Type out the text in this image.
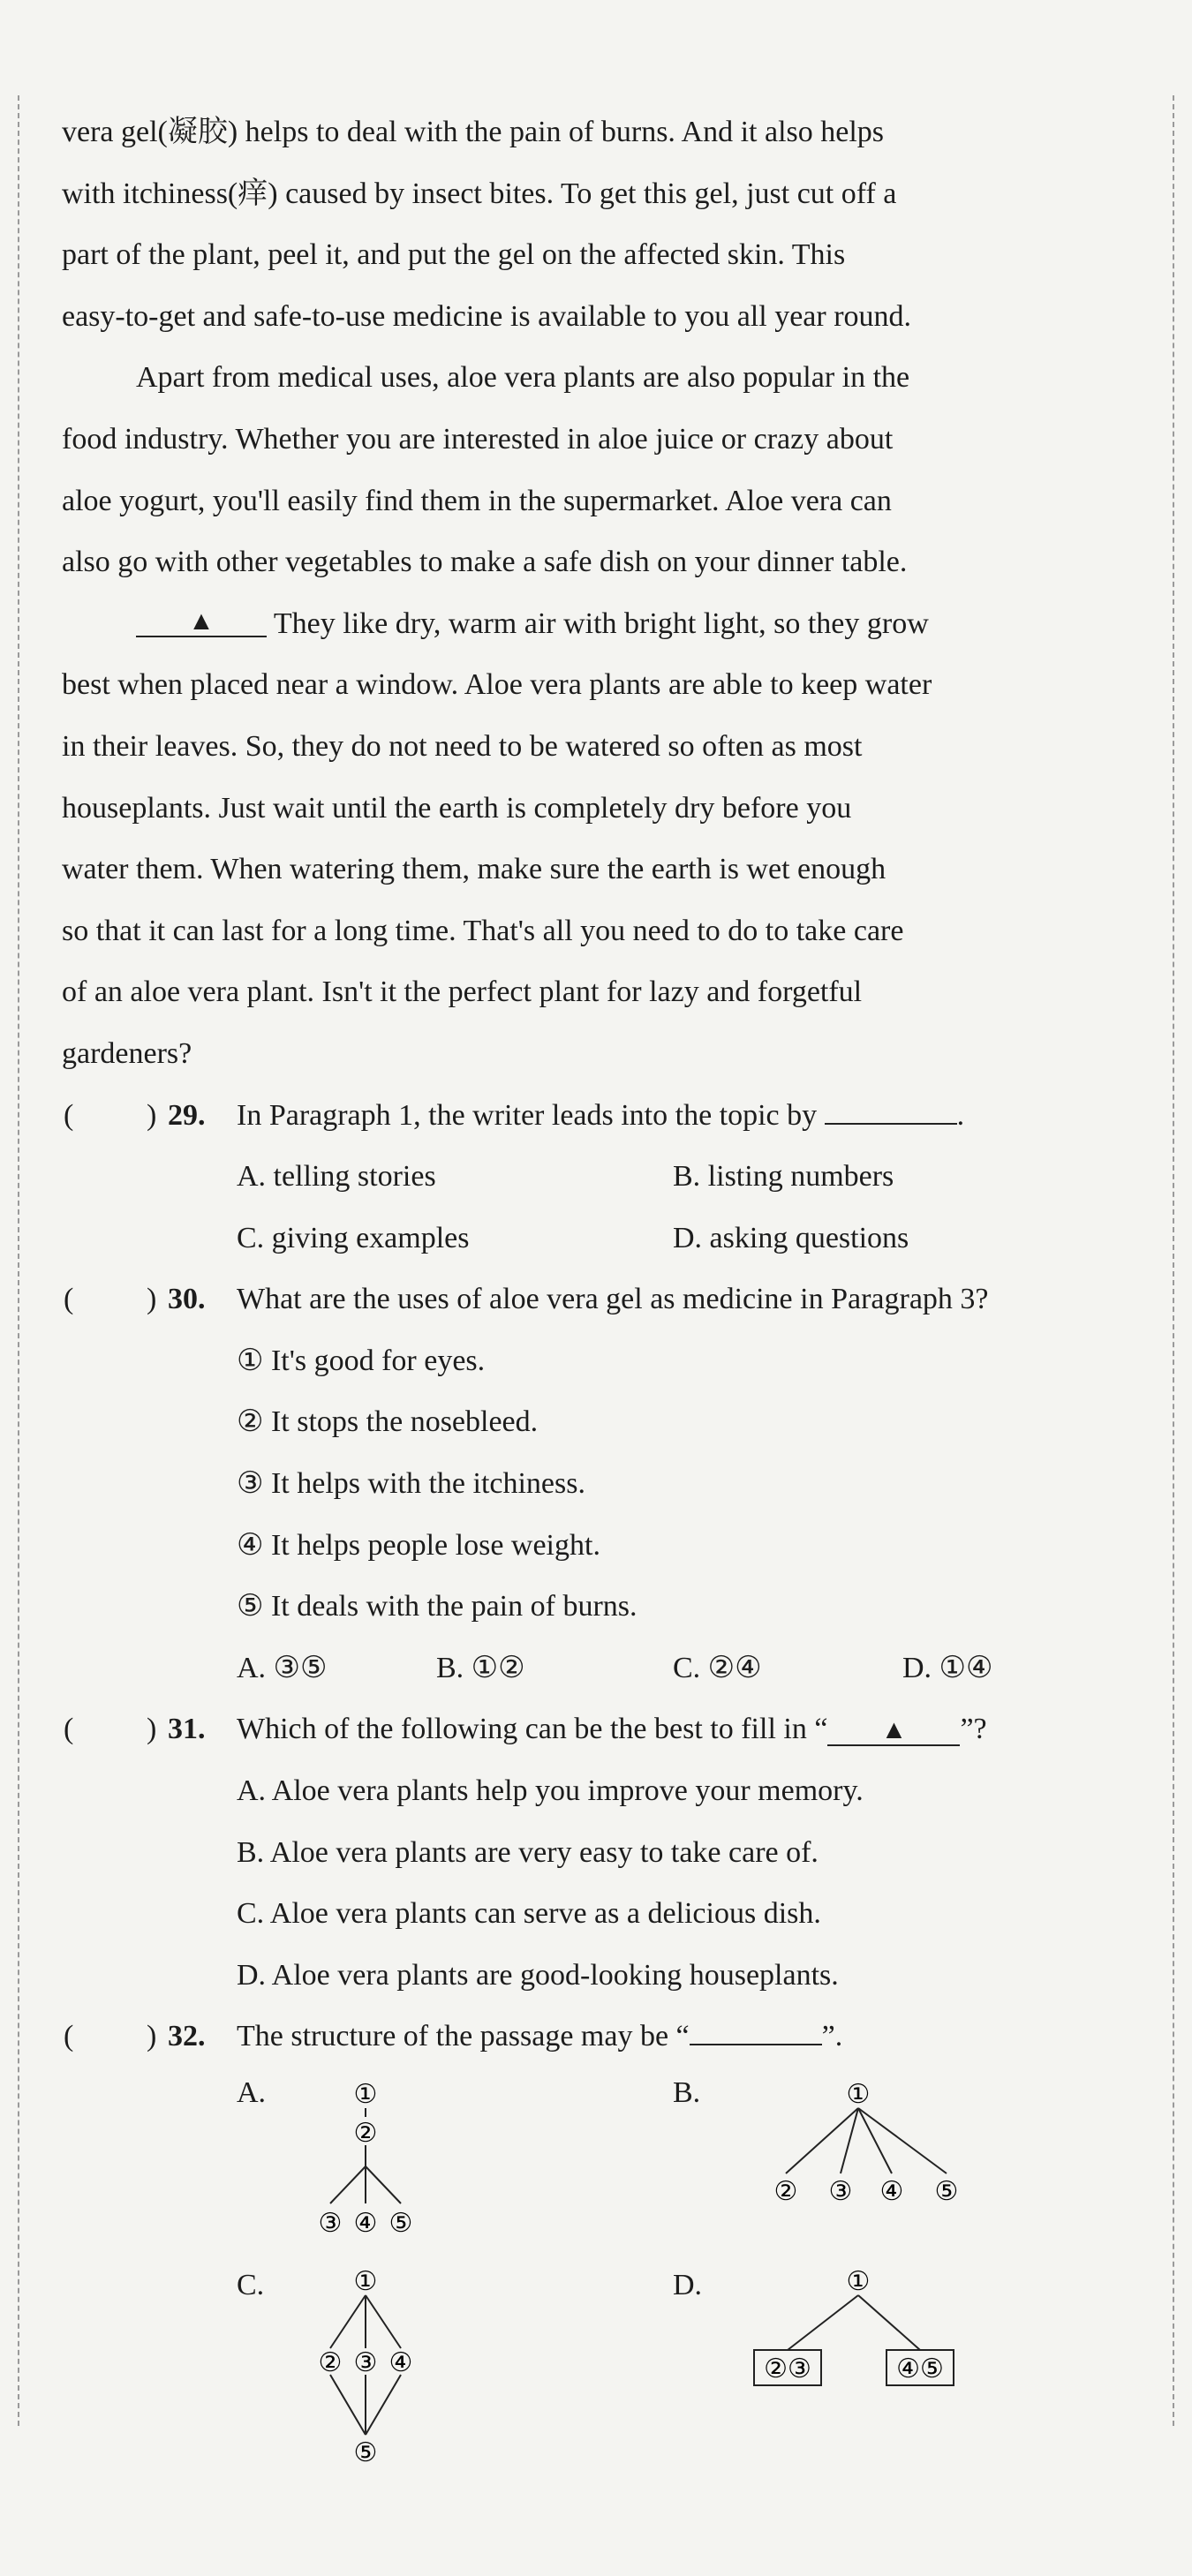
vera gel(凝胶) helps to deal with the pain of burns. And it also helps

with itchiness(痒) caused by insect bites. To get this gel, just cut off a

part of the plant, peel it, and put the gel on the affected skin. This

easy-to-get and safe-to-use medicine is available to you all year round.

Apart from medical uses, aloe vera plants are also popular in the

food industry. Whether you are interested in aloe juice or crazy about

aloe yogurt, you'll easily find them in the supermarket. Aloe vera can

also go with other vegetables to make a safe dish on your dinner table.

▲ They like dry, warm air with bright light, so they grow

best when placed near a window. Aloe vera plants are able to keep water

in their leaves. So, they do not need to be watered so often as most

houseplants. Just wait until the earth is completely dry before you

water them. When watering them, make sure the earth is wet enough

so that it can last for a long time. That's all you need to do to take care

of an aloe vera plant. Isn't it the perfect plant for lazy and forgetful

gardeners?

( ) 29. In Paragraph 1, the writer leads into the topic by	.
A. telling stories	B. listing numbers
C. giving examples	D. asking questions
( ) 30. What are the uses of aloe vera gel as medicine in Paragraph 3?
① It's good for eyes.
② It stops the nosebleed.
③ It helps with the itchiness.
④ It helps people lose weight.
⑤ It deals with the pain of burns.
A. ③⑤	B. ①②	C. ②④	D. ①④
( ) 31. Which of the following can be the best to fill in “ ▲ ”?
A. Aloe vera plants help you improve your memory.
B. Aloe vera plants are very easy to take care of.
C. Aloe vera plants can serve as a delicious dish.
D. Aloe vera plants are good-looking houseplants.
( ) 32. The structure of the passage may be “	”.
A.	B.
C.	D.
①
②
③ ④ ⑤
①
② ③ ④ ⑤
①
② ③ ④
⑤
①
②③	④⑤
